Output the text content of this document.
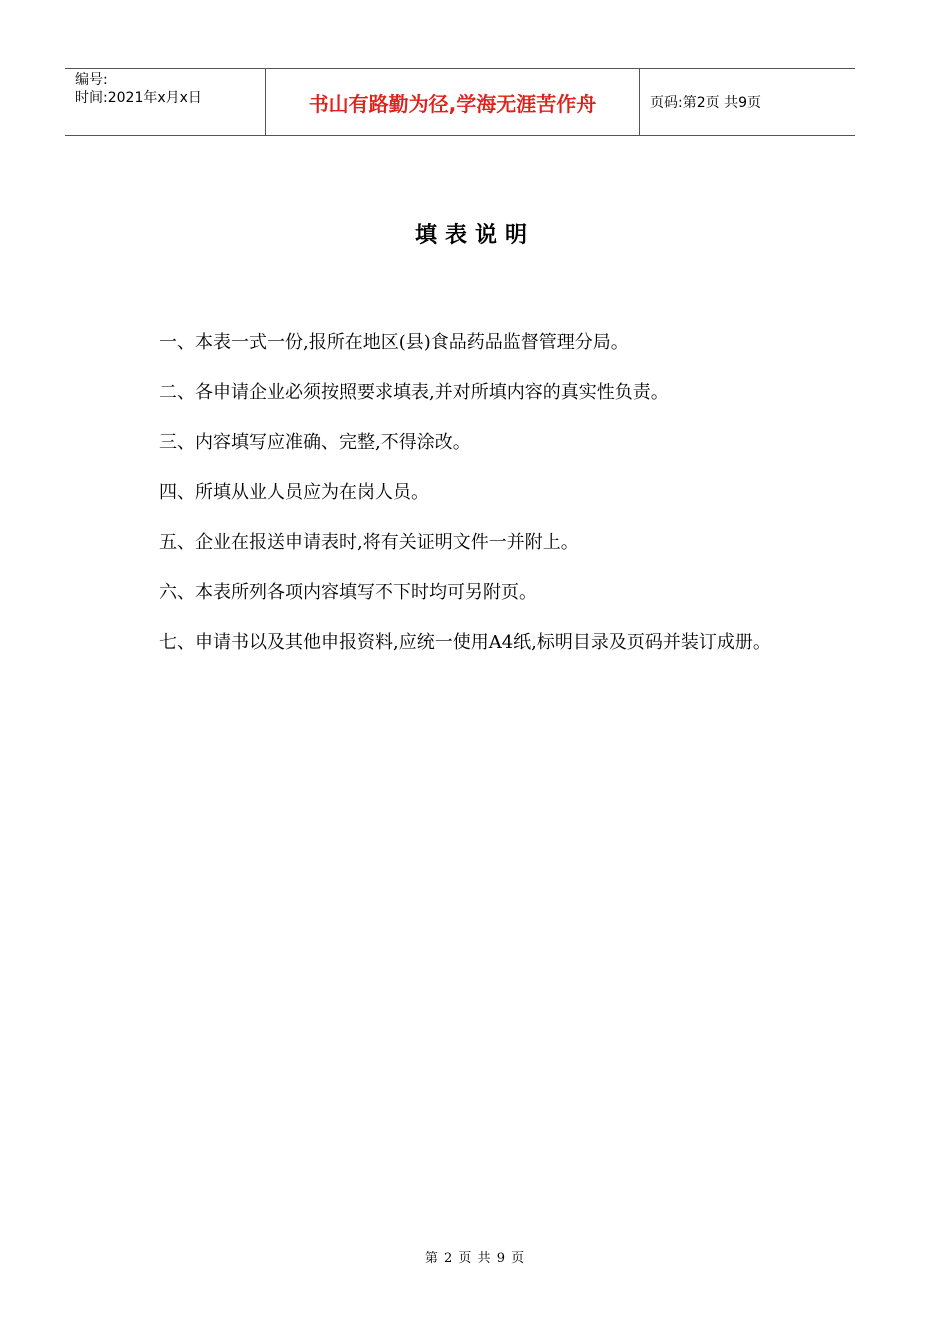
编号:
时间:2021年x月x日	书山有路勤为径,学海无涯苦作舟	页码:第2页 共9页
填表说明

一、本表一式一份,报所在地区(县)食品药品监督管理分局。

二、各申请企业必须按照要求填表,并对所填内容的真实性负责。

三、内容填写应准确、完整,不得涂改。

四、所填从业人员应为在岗人员。

五、企业在报送申请表时,将有关证明文件一并附上。

六、本表所列各项内容填写不下时均可另附页。

七、申请书以及其他申报资料,应统一使用A4纸,标明目录及页码并装订成册。

第 2 页 共 9 页
